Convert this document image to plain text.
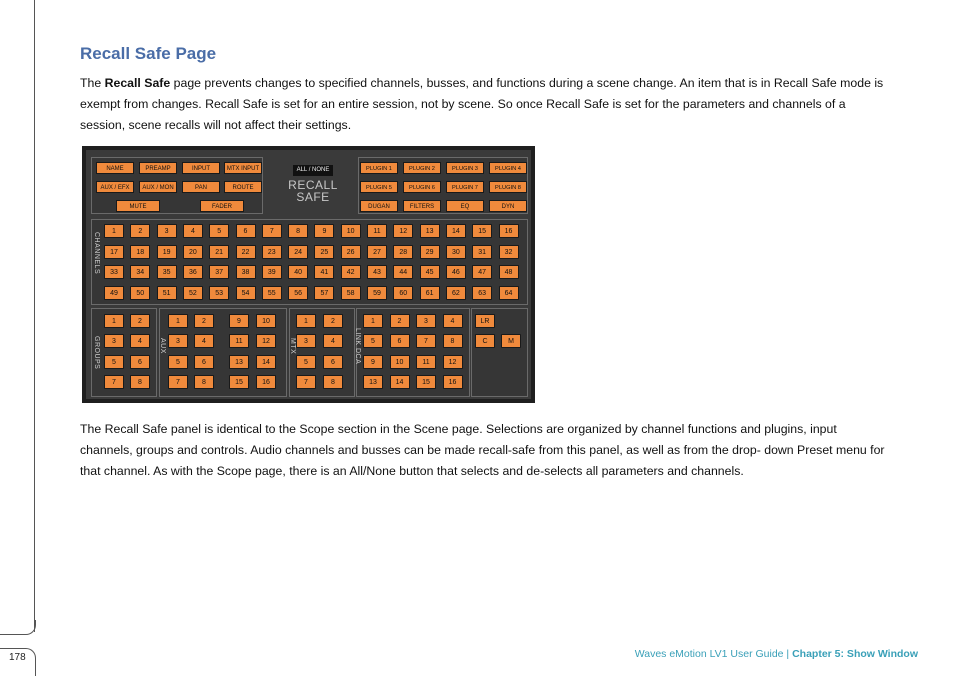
178
Recall Safe Page

The Recall Safe page prevents changes to specified channels, busses, and functions during a scene change. An item that is in Recall Safe mode is exempt from changes. Recall Safe is set for an entire session, not by scene. So once Recall Safe is set for the parameters and channels of a session, scene recalls will not affect their settings.

ALL / NONE
RECALL
SAFE
CHANNELS
GROUPS	AUX	MTX	LINK DCA
NAME	PREAMP	INPUT	MTX INPUT
AUX / EFX	AUX / MON	PAN	ROUTE
MUTE	FADER
PLUGIN 1	PLUGIN 2	PLUGIN 3	PLUGIN 4
PLUGIN 5	PLUGIN 6	PLUGIN 7	PLUGIN 8
DUGAN	FILTERS	EQ	DYN
1	2	3	4	5	6	7	8	9	10	11	12	13	14	15	16
17	18	19	20	21	22	23	24	25	26	27	28	29	30	31	32
33	34	35	36	37	38	39	40	41	42	43	44	45	46	47	48
49	50	51	52	53	54	55	56	57	58	59	60	61	62	63	64
1	2
3	4
5	6
7	8
1	2
3	4
5	6
7	8
9	10
11	12
13	14
15	16
1	2
3	4
5	6
7	8
1	2	3	4
5	6	7	8
9	10	11	12
13	14	15	16
LR
C	M

The Recall Safe panel is identical to the Scope section in the Scene page. Selections are organized by channel functions and plugins, input channels, groups and controls. Audio channels and busses can be made recall-safe from this panel, as well as from the drop- down Preset menu for that channel. As with the Scope page, there is an All/None button that selects and de-selects all parameters and channels.

Waves eMotion LV1 User Guide | Chapter 5: Show Window
